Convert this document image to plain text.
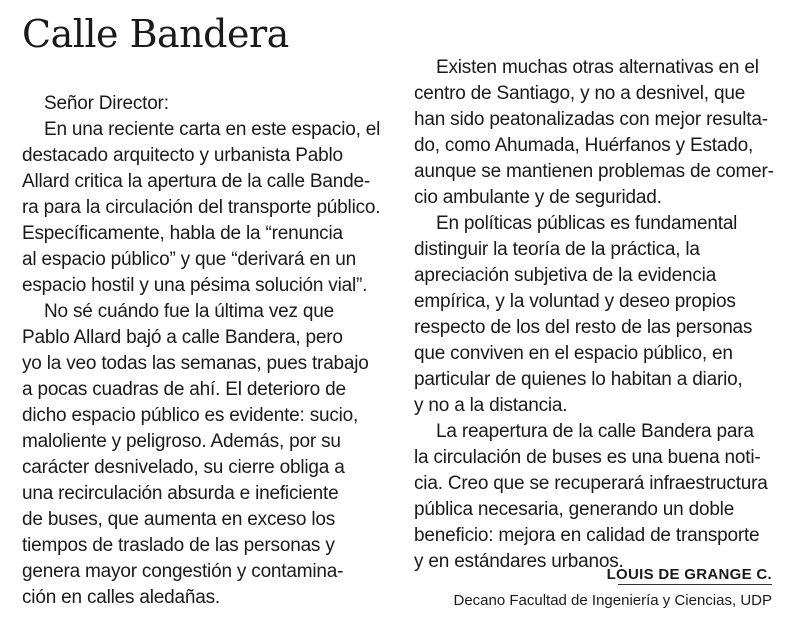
Calle Bandera
Señor Director:
En una reciente carta en este espacio, el
destacado arquitecto y urbanista Pablo
Allard critica la apertura de la calle Bande-
ra para la circulación del transporte público.
Específicamente, habla de la “renuncia
al espacio público” y que “derivará en un
espacio hostil y una pésima solución vial”.
No sé cuándo fue la última vez que
Pablo Allard bajó a calle Bandera, pero
yo la veo todas las semanas, pues trabajo
a pocas cuadras de ahí. El deterioro de
dicho espacio público es evidente: sucio,
maloliente y peligroso. Además, por su
carácter desnivelado, su cierre obliga a
una recirculación absurda e ineficiente
de buses, que aumenta en exceso los
tiempos de traslado de las personas y
genera mayor congestión y contamina-
ción en calles aledañas.
Existen muchas otras alternativas en el
centro de Santiago, y no a desnivel, que
han sido peatonalizadas con mejor resulta-
do, como Ahumada, Huérfanos y Estado,
aunque se mantienen problemas de comer-
cio ambulante y de seguridad.
En políticas públicas es fundamental
distinguir la teoría de la práctica, la
apreciación subjetiva de la evidencia
empírica, y la voluntad y deseo propios
respecto de los del resto de las personas
que conviven en el espacio público, en
particular de quienes lo habitan a diario,
y no a la distancia.
La reapertura de la calle Bandera para
la circulación de buses es una buena noti-
cia. Creo que se recuperará infraestructura
pública necesaria, generando un doble
beneficio: mejora en calidad de transporte
y en estándares urbanos.
LOUIS DE GRANGE C.
Decano Facultad de Ingeniería y Ciencias, UDP
